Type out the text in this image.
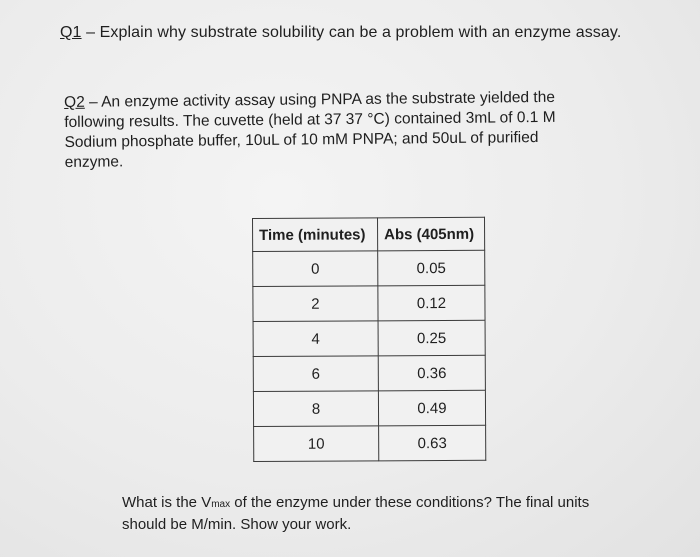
Q1 – Explain why substrate solubility can be a problem with an enzyme assay.
Q2 – An enzyme activity assay using PNPA as the substrate yielded the following results. The cuvette (held at 37 37 °C) contained 3mL of 0.1 M Sodium phosphate buffer, 10uL of 10 mM PNPA; and 50uL of purified enzyme.
Time (minutes)	Abs (405nm)
0	0.05
2	0.12
4	0.25
6	0.36
8	0.49
10	0.63
What is the Vmax of the enzyme under these conditions? The final units should be M/min. Show your work.
